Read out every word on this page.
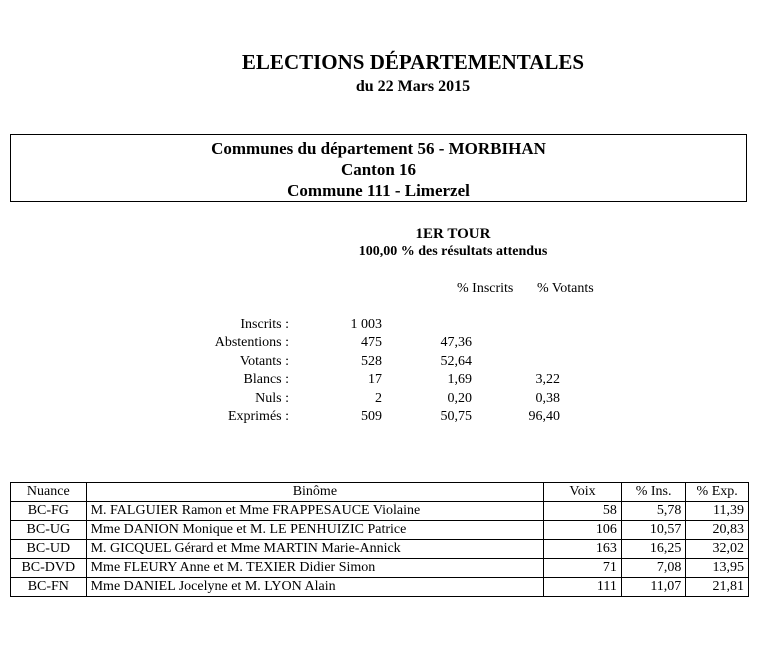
ELECTIONS DÉPARTEMENTALES
du 22 Mars 2015
Communes du département 56 - MORBIHAN
Canton 16
Commune 111 - Limerzel
1ER TOUR
100,00 % des résultats attendus
% Inscrits % Votants
Inscrits :	1 003
Abstentions :	475	47,36
Votants :	528	52,64
Blancs :	17	1,69	3,22
Nuls :	2	0,20	0,38
Exprimés :	509	50,75	96,40
Nuance	Binôme	Voix	% Ins.	% Exp.
BC-FG	M. FALGUIER Ramon et Mme FRAPPESAUCE Violaine	58	5,78	11,39
BC-UG	Mme DANION Monique et M. LE PENHUIZIC Patrice	106	10,57	20,83
BC-UD	M. GICQUEL Gérard et Mme MARTIN Marie-Annick	163	16,25	32,02
BC-DVD	Mme FLEURY Anne et M. TEXIER Didier Simon	71	7,08	13,95
BC-FN	Mme DANIEL Jocelyne et M. LYON Alain	111	11,07	21,81
